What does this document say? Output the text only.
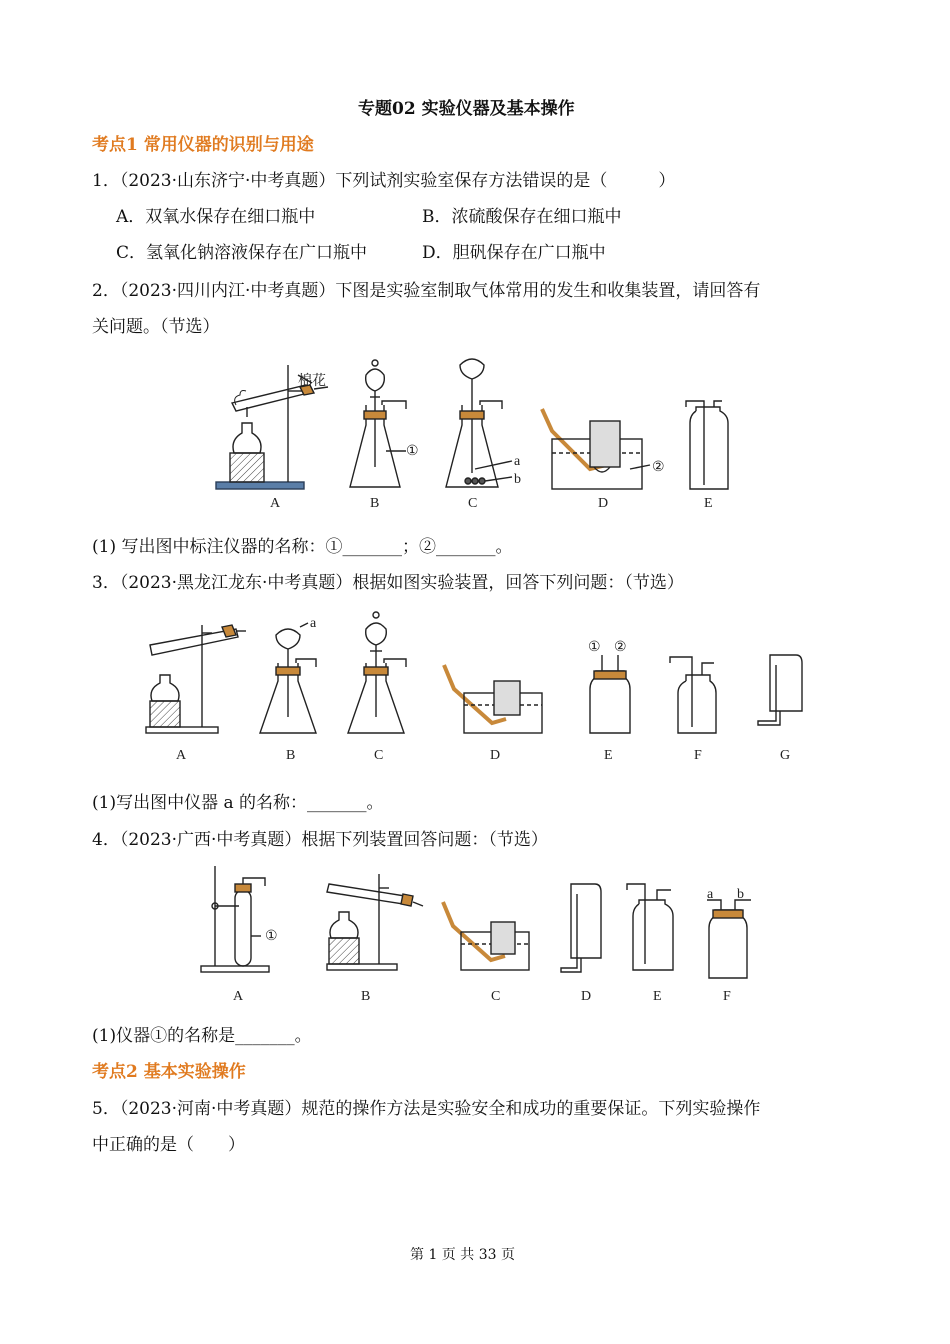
专题02 实验仪器及基本操作
考点1 常用仪器的识别与用途
1．（2023·山东济宁·中考真题）下列试剂实验室保存方法错误的是（　　　）
A．双氧水保存在细口瓶中	B．浓硫酸保存在细口瓶中
C．氢氧化钠溶液保存在广口瓶中	D．胆矾保存在广口瓶中
2．（2023·四川内江·中考真题）下图是实验室制取气体常用的发生和收集装置，请回答有
关问题。（节选）
棉花
①
a
b
②
A	B	C	D	E
(1) 写出图中标注仪器的名称：①_______；②_______。
3．（2023·黑龙江龙东·中考真题）根据如图实验装置，回答下列问题：（节选）
a
① ②
A	B	C	D	E	F	G
(1)写出图中仪器 a 的名称：_______。
4．（2023·广西·中考真题）根据下列装置回答问题：（节选）
①
a b
A	B	C	D	E	F
(1)仪器①的名称是_______。
考点2 基本实验操作
5．（2023·河南·中考真题）规范的操作方法是实验安全和成功的重要保证。下列实验操作
中正确的是（　　）
第 1 页 共 33 页
